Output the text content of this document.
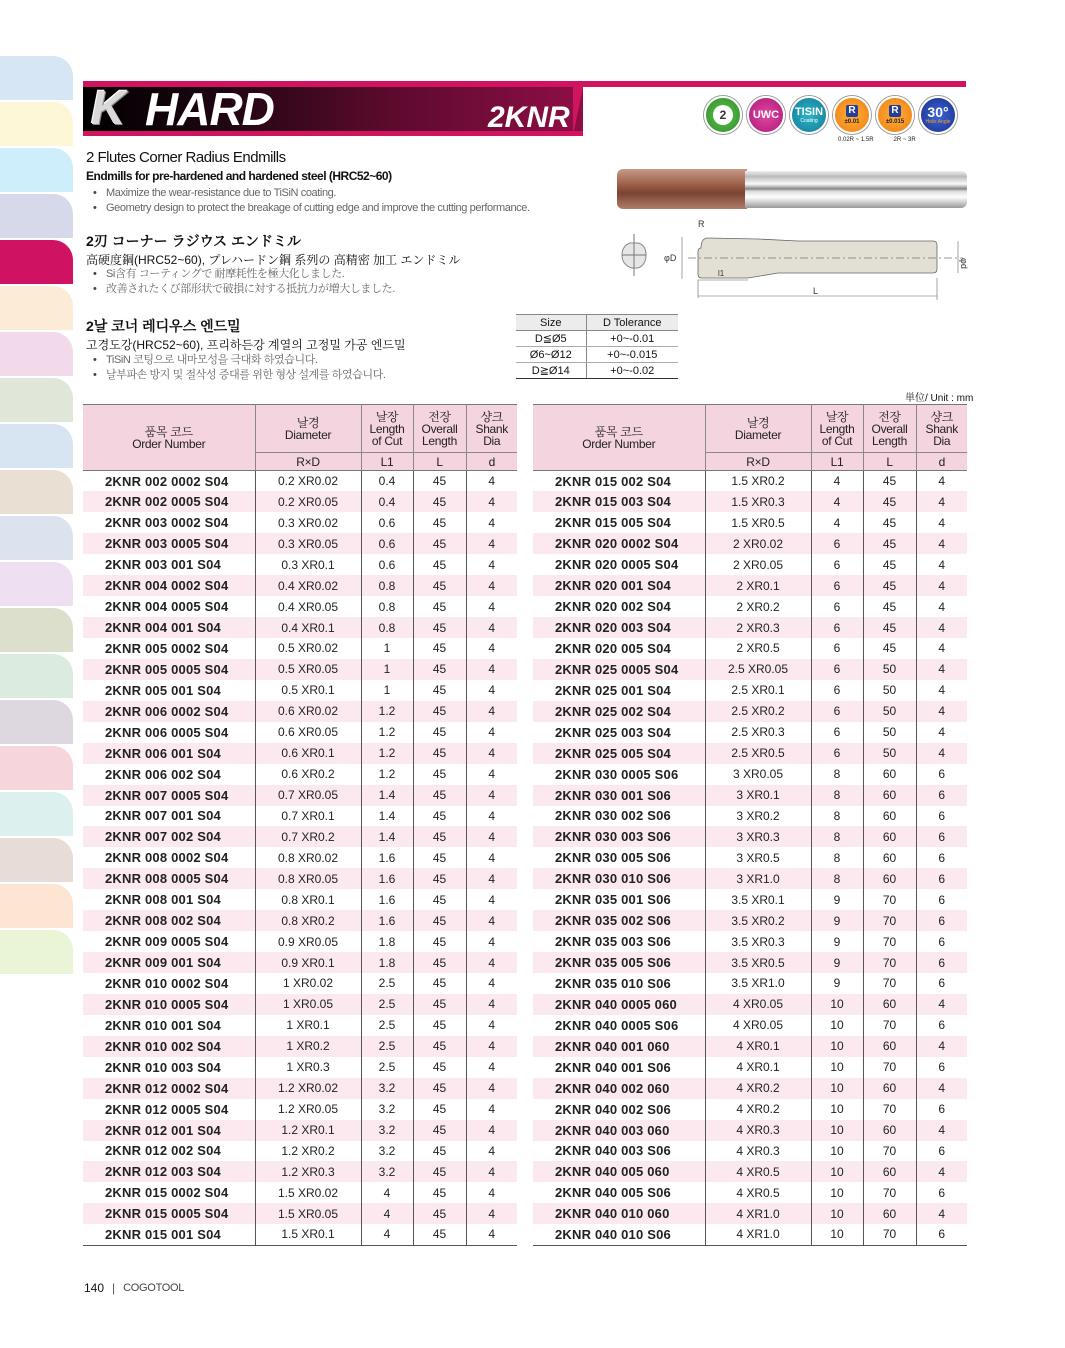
K HARD	2KNR	2	UWC TISIN
Coating
R
±0.01
R
±0.015
30°
Helix Angle
0.02R ~ 1.5R	2R ~ 3R
2 Flutes Corner Radius Endmills
Endmills for pre-hardened and hardened steel (HRC52~60)
• Maximize the wear-resistance due to TiSiN coating.
• Geometry design to protect the breakage of cutting edge and improve the cutting performance.
2刃 コーナー ラジウス エンドミル
高硬度鋼(HRC52~60), プレハードン鋼 系列の 高精密 加工 エンドミル
• Si含有 コーティングで 耐摩耗性を極大化しました.
• 改善されたくび部形状で破損に対する抵抗力が増大しました.
2날 코너 레디우스 엔드밀
고경도강(HRC52~60), 프리하든강 계열의 고정밀 가공 엔드밀
• TiSiN 코팅으로 내마모성을 극대화 하였습니다.
• 날부파손 방지 및 절삭성 증대를 위한 형상 설계를 하였습니다.
R
φD
l1
L
φd
Size	D Tolerance
D≦Ø5	+0~-0.01
Ø6~Ø12	+0~-0.015
D≧Ø14	+0~-0.02
単位/ Unit : mm
품목 코드
Order Number	날경
Diameter	날장
Length
of Cut	전장
Overall
Length	샹크
Shank
Dia
	R×D	L1	L	d
2KNR 002 0002 S04	0.2 XR0.02	0.4	45	4
2KNR 002 0005 S04	0.2 XR0.05	0.4	45	4
2KNR 003 0002 S04	0.3 XR0.02	0.6	45	4
2KNR 003 0005 S04	0.3 XR0.05	0.6	45	4
2KNR 003 001 S04	0.3 XR0.1	0.6	45	4
2KNR 004 0002 S04	0.4 XR0.02	0.8	45	4
2KNR 004 0005 S04	0.4 XR0.05	0.8	45	4
2KNR 004 001 S04	0.4 XR0.1	0.8	45	4
2KNR 005 0002 S04	0.5 XR0.02	1	45	4
2KNR 005 0005 S04	0.5 XR0.05	1	45	4
2KNR 005 001 S04	0.5 XR0.1	1	45	4
2KNR 006 0002 S04	0.6 XR0.02	1.2	45	4
2KNR 006 0005 S04	0.6 XR0.05	1.2	45	4
2KNR 006 001 S04	0.6 XR0.1	1.2	45	4
2KNR 006 002 S04	0.6 XR0.2	1.2	45	4
2KNR 007 0005 S04	0.7 XR0.05	1.4	45	4
2KNR 007 001 S04	0.7 XR0.1	1.4	45	4
2KNR 007 002 S04	0.7 XR0.2	1.4	45	4
2KNR 008 0002 S04	0.8 XR0.02	1.6	45	4
2KNR 008 0005 S04	0.8 XR0.05	1.6	45	4
2KNR 008 001 S04	0.8 XR0.1	1.6	45	4
2KNR 008 002 S04	0.8 XR0.2	1.6	45	4
2KNR 009 0005 S04	0.9 XR0.05	1.8	45	4
2KNR 009 001 S04	0.9 XR0.1	1.8	45	4
2KNR 010 0002 S04	1 XR0.02	2.5	45	4
2KNR 010 0005 S04	1 XR0.05	2.5	45	4
2KNR 010 001 S04	1 XR0.1	2.5	45	4
2KNR 010 002 S04	1 XR0.2	2.5	45	4
2KNR 010 003 S04	1 XR0.3	2.5	45	4
2KNR 012 0002 S04	1.2 XR0.02	3.2	45	4
2KNR 012 0005 S04	1.2 XR0.05	3.2	45	4
2KNR 012 001 S04	1.2 XR0.1	3.2	45	4
2KNR 012 002 S04	1.2 XR0.2	3.2	45	4
2KNR 012 003 S04	1.2 XR0.3	3.2	45	4
2KNR 015 0002 S04	1.5 XR0.02	4	45	4
2KNR 015 0005 S04	1.5 XR0.05	4	45	4
2KNR 015 001 S04	1.5 XR0.1	4	45	4
품목 코드
Order Number	날경
Diameter	날장
Length
of Cut	전장
Overall
Length	샹크
Shank
Dia
	R×D	L1	L	d
2KNR 015 002 S04	1.5 XR0.2	4	45	4
2KNR 015 003 S04	1.5 XR0.3	4	45	4
2KNR 015 005 S04	1.5 XR0.5	4	45	4
2KNR 020 0002 S04	2 XR0.02	6	45	4
2KNR 020 0005 S04	2 XR0.05	6	45	4
2KNR 020 001 S04	2 XR0.1	6	45	4
2KNR 020 002 S04	2 XR0.2	6	45	4
2KNR 020 003 S04	2 XR0.3	6	45	4
2KNR 020 005 S04	2 XR0.5	6	45	4
2KNR 025 0005 S04	2.5 XR0.05	6	50	4
2KNR 025 001 S04	2.5 XR0.1	6	50	4
2KNR 025 002 S04	2.5 XR0.2	6	50	4
2KNR 025 003 S04	2.5 XR0.3	6	50	4
2KNR 025 005 S04	2.5 XR0.5	6	50	4
2KNR 030 0005 S06	3 XR0.05	8	60	6
2KNR 030 001 S06	3 XR0.1	8	60	6
2KNR 030 002 S06	3 XR0.2	8	60	6
2KNR 030 003 S06	3 XR0.3	8	60	6
2KNR 030 005 S06	3 XR0.5	8	60	6
2KNR 030 010 S06	3 XR1.0	8	60	6
2KNR 035 001 S06	3.5 XR0.1	9	70	6
2KNR 035 002 S06	3.5 XR0.2	9	70	6
2KNR 035 003 S06	3.5 XR0.3	9	70	6
2KNR 035 005 S06	3.5 XR0.5	9	70	6
2KNR 035 010 S06	3.5 XR1.0	9	70	6
2KNR 040 0005 060	4 XR0.05	10	60	4
2KNR 040 0005 S06	4 XR0.05	10	70	6
2KNR 040 001 060	4 XR0.1	10	60	4
2KNR 040 001 S06	4 XR0.1	10	70	6
2KNR 040 002 060	4 XR0.2	10	60	4
2KNR 040 002 S06	4 XR0.2	10	70	6
2KNR 040 003 060	4 XR0.3	10	60	4
2KNR 040 003 S06	4 XR0.3	10	70	6
2KNR 040 005 060	4 XR0.5	10	60	4
2KNR 040 005 S06	4 XR0.5	10	70	6
2KNR 040 010 060	4 XR1.0	10	60	4
2KNR 040 010 S06	4 XR1.0	10	70	6
140 | COGOTOOL
